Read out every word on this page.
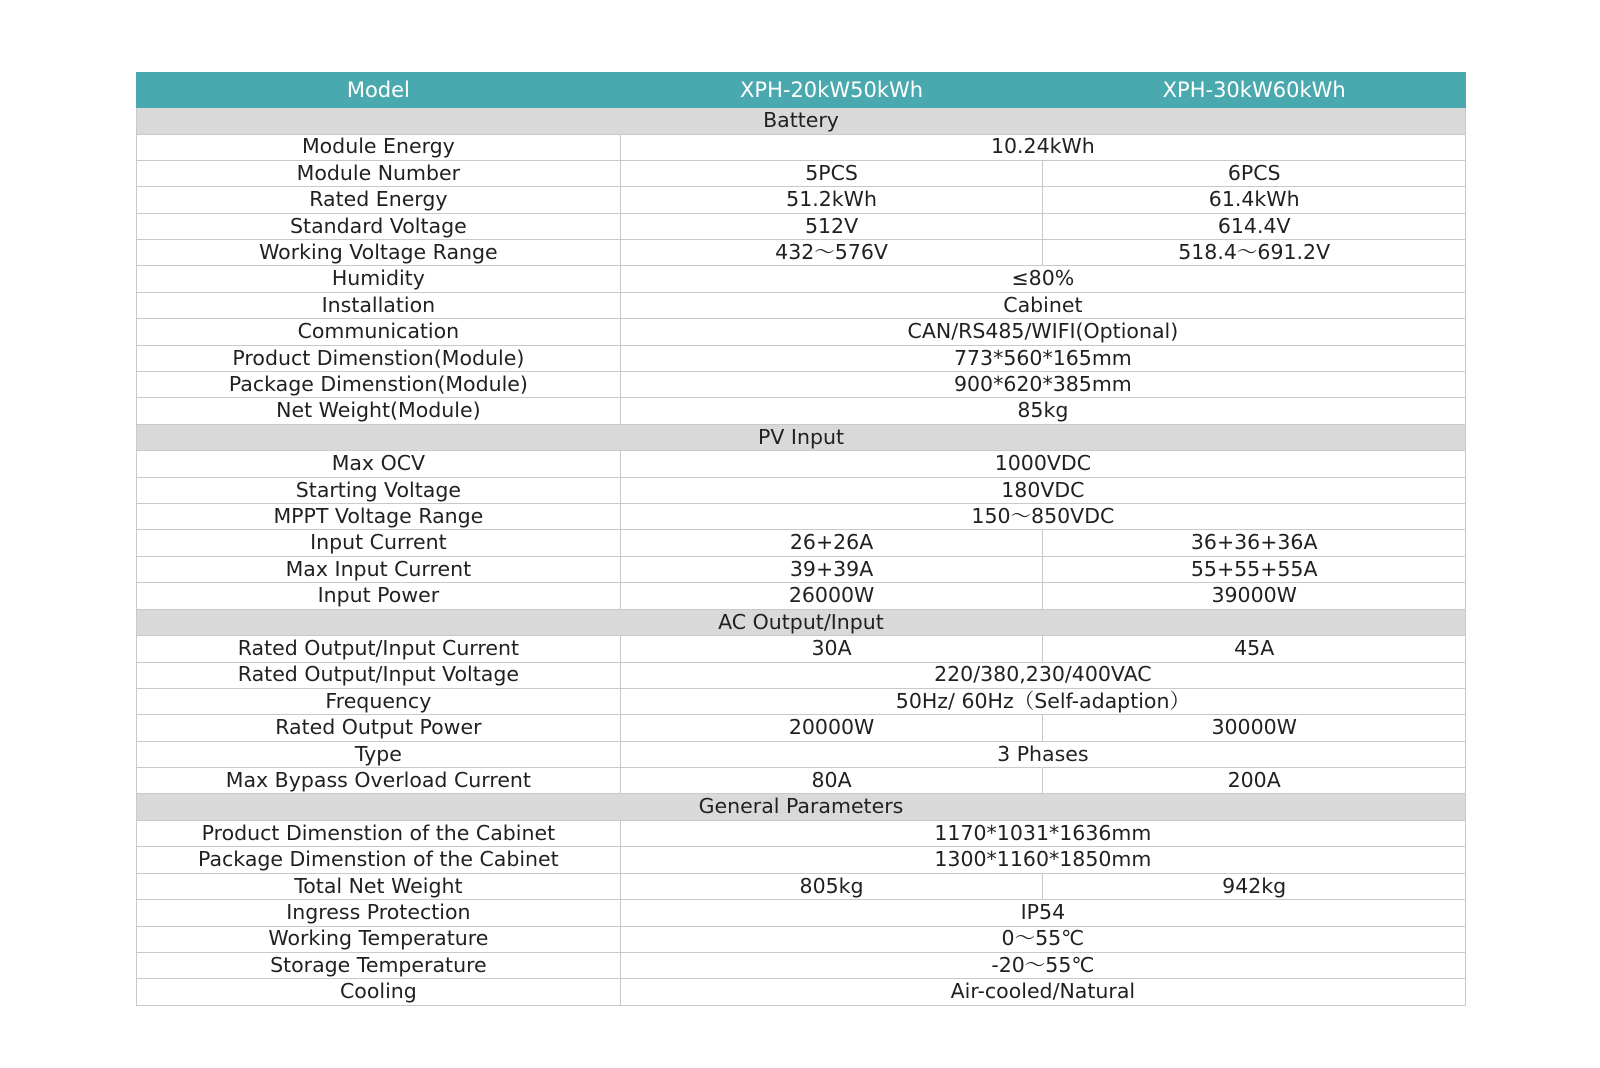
Model	XPH-20kW50kWh	XPH-30kW60kWh
Battery		
Module Energy	10.24kWh	
Module Number	5PCS	6PCS
Rated Energy	51.2kWh	61.4kWh
Standard Voltage	512V	614.4V
Working Voltage Range	432～576V	518.4～691.2V
Humidity	≤80%	
Installation	Cabinet	
Communication	CAN/RS485/WIFI(Optional)	
Product Dimenstion(Module)	773*560*165mm	
Package Dimenstion(Module)	900*620*385mm	
Net Weight(Module)	85kg	
PV Input		
Max OCV	1000VDC	
Starting Voltage	180VDC	
MPPT Voltage Range	150～850VDC	
Input Current	26+26A	36+36+36A
Max Input Current	39+39A	55+55+55A
Input Power	26000W	39000W
AC Output/Input		
Rated Output/Input Current	30A	45A
Rated Output/Input Voltage	220/380,230/400VAC	
Frequency	50Hz/ 60Hz（Self-adaption）	
Rated Output Power	20000W	30000W
Type	3 Phases	
Max Bypass Overload Current	80A	200A
General Parameters		
Product Dimenstion of the Cabinet	1170*1031*1636mm	
Package Dimenstion of the Cabinet	1300*1160*1850mm	
Total Net Weight	805kg	942kg
Ingress Protection	IP54	
Working Temperature	0～55℃	
Storage Temperature	-20～55℃	
Cooling	Air-cooled/Natural	
